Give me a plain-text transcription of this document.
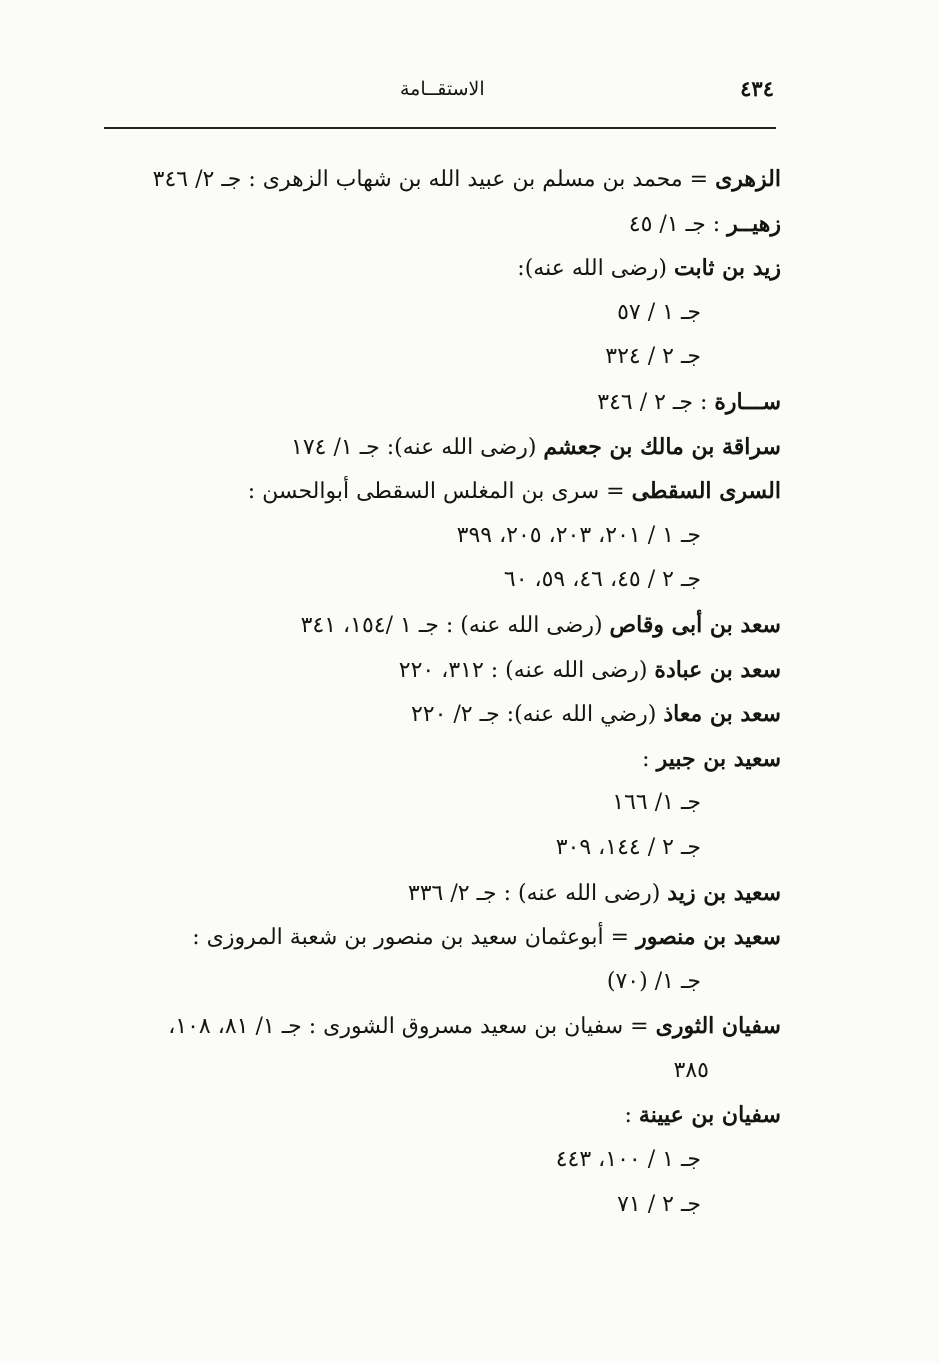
٤٣٤
الاستقــامة
الزهرى = محمد بن مسلم بن عبيد الله بن شهاب الزهرى : جـ ٢/ ٣٤٦
زهيــر : جـ ١/ ٤٥
زيد بن ثابت (رضى الله عنه):
جـ ١ / ٥٧
جـ ٢ / ٣٢٤
ســـارة : جـ ٢ / ٣٤٦
سراقة بن مالك بن جعشم (رضى الله عنه): جـ ١/ ١٧٤
السرى السقطى = سرى بن المغلس السقطى أبوالحسن :
جـ ١ / ٢٠١، ٢٠٣، ٢٠٥، ٣٩٩
جـ ٢ / ٤٥، ٤٦، ٥٩، ٦٠
سعد بن أبى وقاص (رضى الله عنه) : جـ ١ /١٥٤، ٣٤١
سعد بن عبادة (رضى الله عنه) : ٣١٢، ٢٢٠
سعد بن معاذ (رضي الله عنه): جـ ٢/ ٢٢٠
سعيد بن جبير :
جـ ١/ ١٦٦
جـ ٢ / ١٤٤، ٣٠٩
سعيد بن زيد (رضى الله عنه) : جـ ٢/ ٣٣٦
سعيد بن منصور = أبوعثمان سعيد بن منصور بن شعبة المروزى :
جـ ١/ (٧٠)
سفيان الثورى = سفيان بن سعيد مسروق الشورى : جـ ١/ ٨١، ١٠٨،
٣٨٥
سفيان بن عيينة :
جـ ١ / ١٠٠، ٤٤٣
جـ ٢ / ٧١
